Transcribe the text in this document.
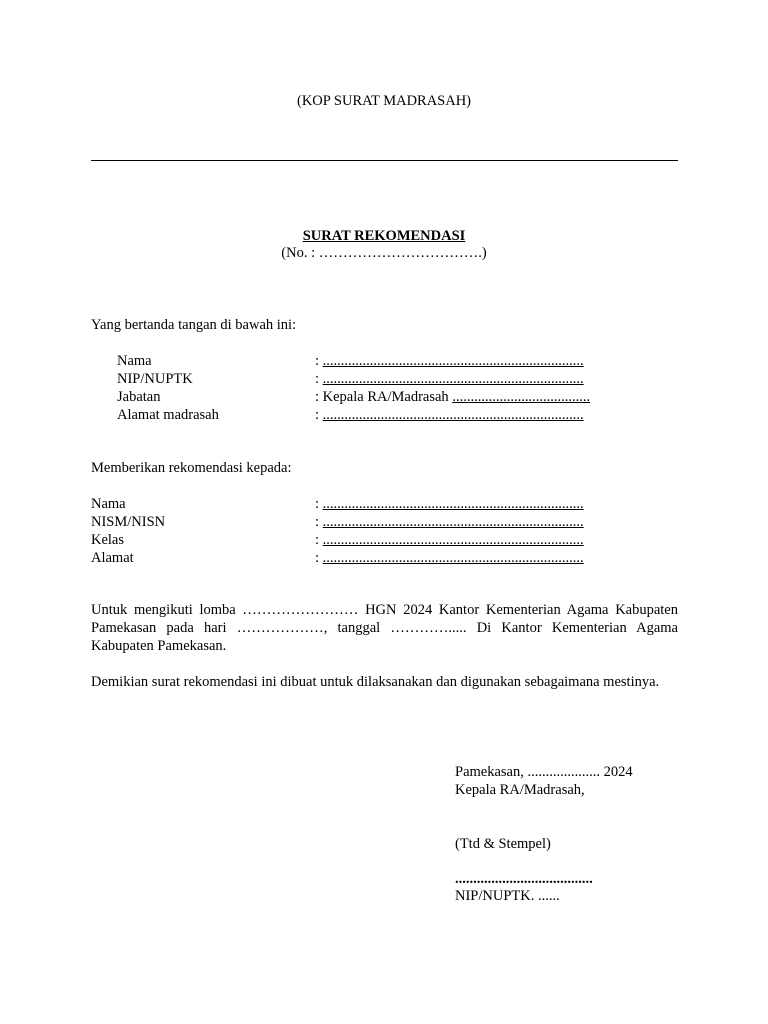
(KOP SURAT MADRASAH)
SURAT REKOMENDASI
(No. : …………………………….)
Yang bertanda tangan di bawah ini:
Nama	: ........................................................................
NIP/NUPTK	: ........................................................................
Jabatan	: Kepala RA/Madrasah ......................................
Alamat madrasah	: ........................................................................
Memberikan rekomendasi kepada:
Nama	: ........................................................................
NISM/NISN	: ........................................................................
Kelas	: ........................................................................
Alamat	: ........................................................................
Untuk mengikuti lomba …………………… HGN 2024 Kantor Kementerian Agama Kabupaten Pamekasan pada hari ………………, tanggal …………..... Di Kantor Kementerian Agama Kabupaten Pamekasan.
Demikian surat rekomendasi ini dibuat untuk dilaksanakan dan digunakan sebagaimana mestinya.
Pamekasan, .................... 2024
Kepala RA/Madrasah,
(Ttd & Stempel)
......................................
NIP/NUPTK. ......
